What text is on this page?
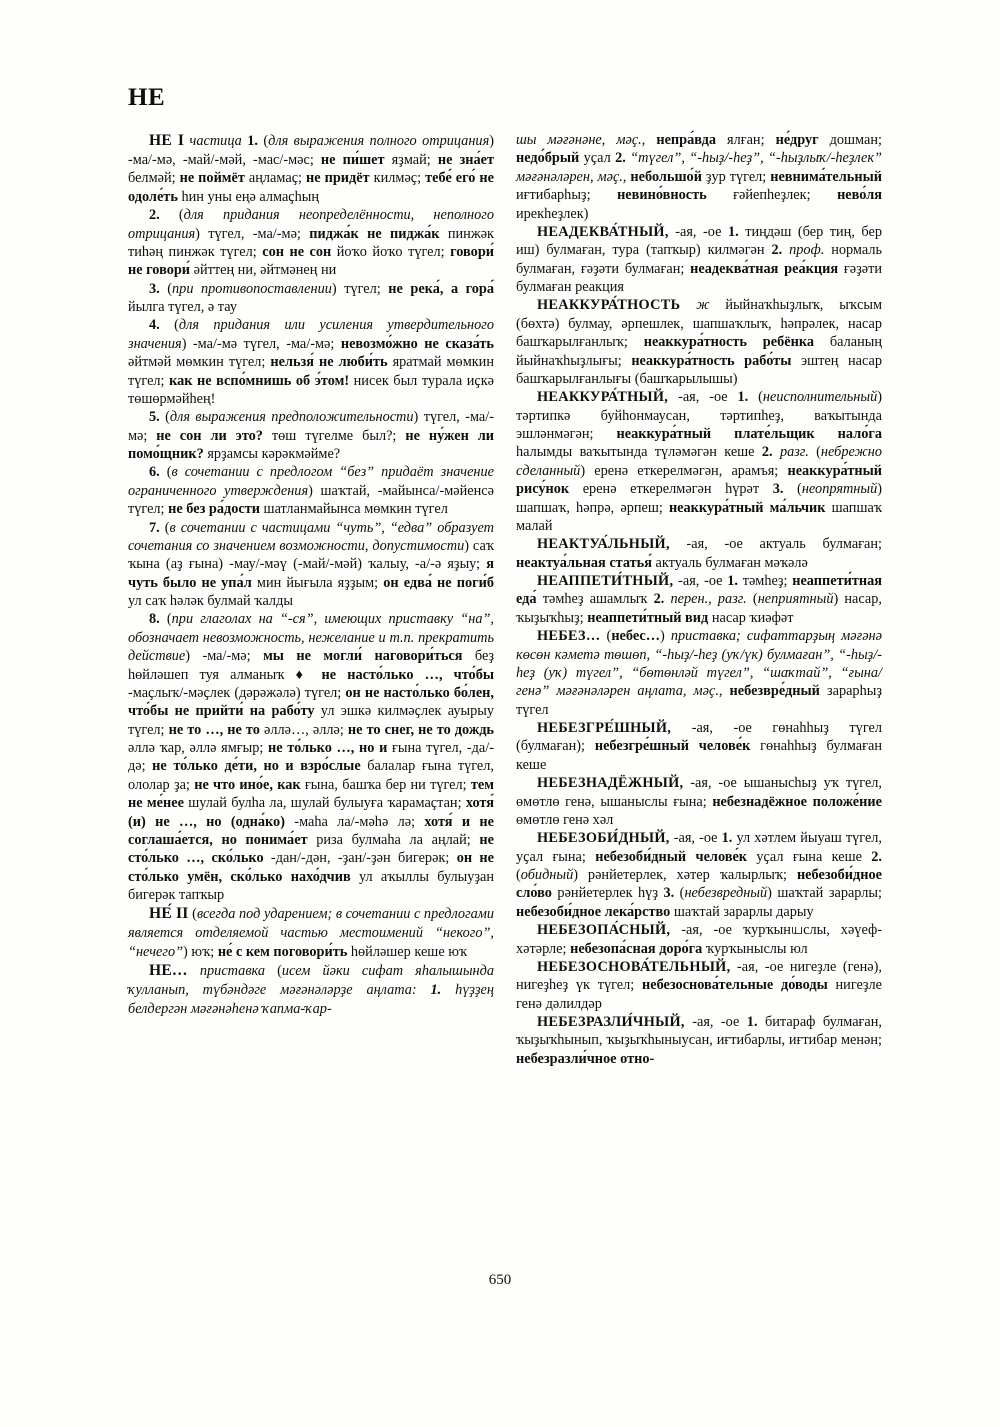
НЕ

НЕ I частица 1. (для выражения полного отрицания) -ма/-мә, -май/-мәй, -мас/-мәс; не пи́шет яҙмай; не зна́ет белмәй; не поймёт аңламаҫ; не придёт килмәҫ; тебе́ его́ не одоле́ть һин уны еңә алмаҫһың

2. (для придания неопределённости, неполного отрицания) түгел, -ма/-мә; пиджа́к не пиджа́к пинжәк тиһәң пинжәк түгел; сон не сон йоҡо йоҡо түгел; говори́ не говори́ әйттең ни, әйтмәнең ни

3. (при противопоставлении) түгел; не река́, а гора́ йылга түгел, ә тау

4. (для придания или усиления утвердительного значения) -ма/-мә түгел, -ма/-мә; невозмо́жно не сказа́ть әйтмәй мөмкин түгел; нельзя́ не люби́ть яратмай мөмкин түгел; как не вспо́мнишь об э́том! нисек был турала иҫкә төшөрмәйһең!

5. (для выражения предположительности) түгел, -ма/-мә; не сон ли это? төш түгелме был?; не ну́жен ли помо́щник? ярҙамсы кәрәкмәйме?

6. (в сочетании с предлогом “без” придаёт значение ограниченного утверждения) шаҡтай, -майынса/-мәйенсә түгел; не без ра́дости шатланмайынса мөмкин түгел

7. (в сочетании с частицами “чуть”, “едва” образует сочетания со значением возможности, допустимости) саҡ ҡына (аҙ ғына) -мау/-мәү (-май/-мәй) ҡалыу, -а/-ә яҙыу; я чуть было не упа́л мин йығыла яҙҙым; он едва́ не поги́б ул саҡ һәләк булмай ҡалды

8. (при глаголах на “-ся”, имеющих приставку “на”, обозначает невозможность, нежелание и т.п. прекратить действие) -ма/-мә; мы не могли́ наговори́ться беҙ һөйләшеп туя алманыҡ ♦ не насто́лько …, что́бы -маҫлыҡ/-мәҫлек (дәрәжәлә) түгел; он не насто́лько бо́лен, что́бы не прийти́ на рабо́ту ул эшкә килмәҫлек ауырыу түгел; не то …, не то әллә…, әллә; не то снег, не то дождь әллә ҡар, әллә ямғыр; не то́лько …, но и ғына түгел, -да/-дә; не то́лько де́ти, но и взро́слые балалар ғына түгел, ололар ҙа; не что ино́е, как ғына, башҡа бер ни түгел; тем не ме́нее шулай булһа ла, шулай булыуға ҡарамаҫтан; хотя́ (и) не …, но (одна́ко) -маһа ла/-мәһә лә; хотя́ и не соглаша́ется, но понима́ет риза булмаһа ла аңлай; не сто́лько …, ско́лько -дан/-дән, -ҙан/-ҙән бигерәк; он не сто́лько умён, ско́лько нахо́дчив ул аҡыллы булыуҙан бигерәк тапҡыр

НЕ́ II (всегда под ударением; в сочетании с предлогами является отделяемой частью местоимений “некого”, “нечего”) юҡ; не́ с кем поговори́ть һөйләшер кеше юҡ

НЕ… приставка (исем йәки сифат яһалышында ҡулланып, түбәндәге мәғәнәләрҙе аңлата: 1. һүҙҙең белдергән мәғәнәһенә ҡапма-ҡар-

шы мәғәнәне, мәҫ., непра́вда ялған; не́друг дошман; недо́брый уҫал 2. “түгел”, “-һыҙ/-һеҙ”, “-һыҙлыҡ/-һеҙлек” мәғәнәләрен, мәҫ., небольшо́й ҙур түгел; невнима́тельный иғтибарһыҙ; невино́вность ғәйепһеҙлек; нево́ля ирекһеҙлек)

НЕАДЕКВА́ТНЫЙ, -ая, -ое 1. тиңдәш (бер тиң, бер иш) булмаған, тура (тапҡыр) килмәгән 2. проф. нормаль булмаған, ғәҙәти булмаған; неадеква́тная реа́кция ғәҙәти булмаған реакция

НЕАККУРА́ТНОСТЬ ж йыйнаҡһыҙлыҡ, ыҡсым (бөхтә) булмау, әрпешлек, шапшаҡлыҡ, һәпрәлек, насар башҡарылғанлыҡ; неаккура́тность ребёнка баланың йыйнаҡһыҙлығы; неаккура́тность рабо́ты эштең насар башҡарылғанлығы (башҡарылышы)

НЕАККУРА́ТНЫЙ, -ая, -ое 1. (неисполнительный) тәртипкә буйһонмаусан, тәртипһеҙ, ваҡытында эшләнмәгән; неаккура́тный плате́льщик нало́га һалымды ваҡытында түләмәгән кеше 2. разг. (небрежно сделанный) еренә еткерелмәгән, арамъя; неаккура́тный рису́нок еренә еткерелмәгән һүрәт 3. (неопрятный) шапшаҡ, һәпрә, әрпеш; неаккура́тный ма́льчик шапшаҡ малай

НЕАКТУА́ЛЬНЫЙ, -ая, -ое актуаль булмаған; неактуа́льная статья́ актуаль булмаған мәҡәлә

НЕАППЕТИ́ТНЫЙ, -ая, -ое 1. тәмһеҙ; неаппети́тная еда́ тәмһеҙ ашамлыҡ 2. перен., разг. (неприятный) насар, ҡыҙыҡһыҙ; неаппети́тный вид насар ҡиәфәт

НЕБЕЗ… (небес…) приставка; сифаттарҙың мәғәнә көсөн кәметә төшөп, “-һыҙ/-һеҙ (уҡ/үк) булмаған”, “-һыҙ/-һеҙ (уҡ) түгел”, “бөтөнләй түгел”, “шаҡтай”, “ғына/генә” мәғәнәләрен аңлата, мәҫ., небезвре́дный зарарһыҙ түгел

НЕБЕЗГРЕ́ШНЫЙ, -ая, -ое гөнаһһыҙ түгел (булмаған); небезгре́шный челове́к гөнаһһыҙ булмаған кеше

НЕБЕЗНАДЁЖНЫЙ, -ая, -ое ышанысһыҙ уҡ түгел, өмөтлө генә, ышаныслы ғына; небезнадёжное положе́ние өмөтлө генә хәл

НЕБЕЗОБИ́ДНЫЙ, -ая, -ое 1. ул хәтлем йыуаш түгел, уҫал ғына; небезоби́дный челове́к уҫал ғына кеше 2. (обидный) рәнйетерлек, хәтер ҡалырлыҡ; небезоби́дное сло́во рәнйетерлек һүҙ 3. (небезвредный) шаҡтай зарарлы; небезоби́дное лека́рство шаҡтай зарарлы дарыу

НЕБЕЗОПА́СНЫЙ, -ая, -ое ҡурҡынயслы, хәүеф-хәтәрле; небезопа́сная доро́га ҡурҡыныслы юл

НЕБЕЗОСНОВА́ТЕЛЬНЫЙ, -ая, -ое нигеҙле (генә), нигеҙһеҙ үк түгел; небезоснова́тельные до́воды нигеҙле генә дәлилдәр

НЕБЕЗРАЗЛИ́ЧНЫЙ, -ая, -ое 1. битараф булмаған, ҡыҙыҡһынып, ҡыҙыҡһыныусан, иғтибарлы, иғтибар менән; небезразли́чное отно-

650
